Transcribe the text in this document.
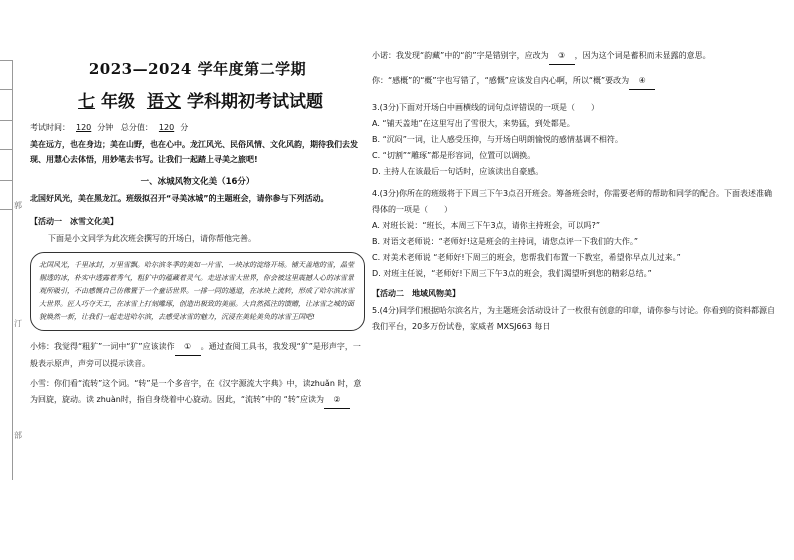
郭
汀
部
2023—2024 学年度第二学期
七 年级 语文 学科期初考试试题
考试时间： 120 分钟 总分值： 120 分
美在远方，也在身边；美在山野，也在心中。龙江风光、民俗风情、文化风韵，期待我们去发现、用慧心去体悟，用妙笔去书写。让我们一起踏上寻美之旅吧!
一、冰城风物文化美（16分）
北国好风光，美在黑龙江。班级拟召开“寻美冰城”的主题班会，请你参与下列活动。
【活动一　冰雪文化美】
下面是小文同学为此次班会撰写的开场白，请你帮他完善。
北国风光，千里冰封，万里雪飘。哈尔滨冬季的美如一片雪、一块冰的淀络开场。铺天盖地的雪，晶莹剔透的冰，朴实中透露着秀气，粗犷中的蕴藏着灵气。走进冰雪大世界，你会被这里震撼人心的冰雪景观所吸引，不由感慨自己仿佛置于一个童话世界。一排一同的通道，在冰块上流转，形成了哈尔滨冰雪大世界。匠人巧夺天工，在冰雪上打刻雕琢，创造出极致的美丽。大自然孤注的馈赠，让冰雪之城的面貌焕然一新，让我们一起走进哈尔滨，去感受冰雪的魅力，沉浸在美轮美奂的冰雪王国吧!
小炜：我觉得“粗犷”一词中“犷”应该读作 ① 。通过查阅工具书，我发现“犷”是形声字，一般表示原声，声旁可以提示读音。
小雪：你们看“流转”这个词。“转”是一个多音字，在《汉字源流大字典》中，读zhuǎn 时，意为回旋，旋动。读 zhuàn时，指自身绕着中心旋动。因此，“流转”中的 “转”应读为 ②
小诺：我发现“韵藏”中的“韵”字是错别字，应改为 ③ ，因为这个词是蓄积而未显露的意思。
你：“感概”的“概”字也写错了，“感慨”应该发自内心啊，所以“概”要改为 ④
3.(3分)下面对开场白中画横线的词句点评错误的一项是（　　）
A. “铺天盖地”在这里写出了雪很大，来势猛，到处都是。
B. “沉闷”一词，让人感受压抑，与开场白明朗愉悦的感情基调不相符。
C. “切割”“雕琢”都是形容词，位置可以调换。
D. 主持人在该最后一句话时，应该读出自豪感。
4.(3分)你所在的班级将于下周三下午3点召开班会。筹备班会时，你需要老师的帮助和同学的配合。下面表述准确得体的一项是（　　）
A. 对班长说：“班长，本周三下午3点，请你主持班会，可以吗?”
B. 对语文老师说：“老师好!这是班会的主持词，请您点评一下我们的大作。”
C. 对美术老师说 “老师好!下周三的班会，您帮我们布置一下教室，希望你早点儿过来。”
D. 对班主任说，“老师好!下周三下午3点的班会，我们渴望听到您的精彩总结。”
【活动二　地域风物美】
5.(4分)同学们根据哈尔滨名片，为主题班会活动设计了一枚很有创意的印章，请你参与讨论。你看到的资料都源自我们平台，20多万份试卷，家威者 MXSJ663 每日
